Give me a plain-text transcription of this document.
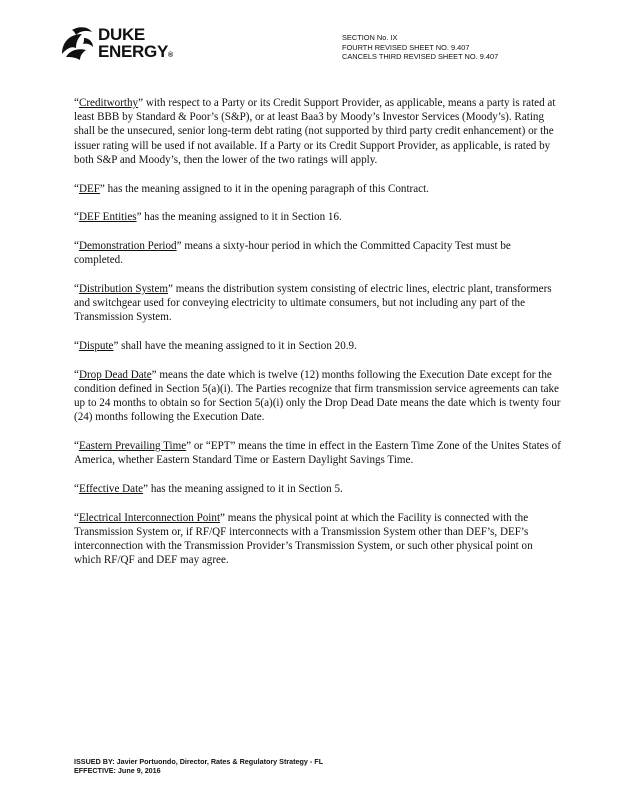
DUKE
ENERGY®
SECTION No. IX
FOURTH REVISED SHEET NO. 9.407
CANCELS THIRD REVISED SHEET NO. 9.407

“Creditworthy” with respect to a Party or its Credit Support Provider, as applicable, means a party is rated at least BBB by Standard & Poor’s (S&P), or at least Baa3 by Moody’s Investor Services (Moody’s). Rating shall be the unsecured, senior long-term debt rating (not supported by third party credit enhancement) or the issuer rating will be used if not available. If a Party or its Credit Support Provider, as applicable, is rated by both S&P and Moody’s, then the lower of the two ratings will apply.

“DEF” has the meaning assigned to it in the opening paragraph of this Contract.

“DEF Entities” has the meaning assigned to it in Section 16.

“Demonstration Period” means a sixty-hour period in which the Committed Capacity Test must be completed.

“Distribution System” means the distribution system consisting of electric lines, electric plant, transformers and switchgear used for conveying electricity to ultimate consumers, but not including any part of the Transmission System.

“Dispute” shall have the meaning assigned to it in Section 20.9.

“Drop Dead Date” means the date which is twelve (12) months following the Execution Date except for the condition defined in Section 5(a)(i). The Parties recognize that firm transmission service agreements can take up to 24 months to obtain so for Section 5(a)(i) only the Drop Dead Date means the date which is twenty four (24) months following the Execution Date.

“Eastern Prevailing Time” or “EPT” means the time in effect in the Eastern Time Zone of the Unites States of America, whether Eastern Standard Time or Eastern Daylight Savings Time.

“Effective Date” has the meaning assigned to it in Section 5.

“Electrical Interconnection Point” means the physical point at which the Facility is connected with the Transmission System or, if RF/QF interconnects with a Transmission System other than DEF’s, DEF’s interconnection with the Transmission Provider’s Transmission System, or such other physical point on which RF/QF and DEF may agree.

ISSUED BY: Javier Portuondo, Director, Rates & Regulatory Strategy - FL
EFFECTIVE: June 9, 2016
